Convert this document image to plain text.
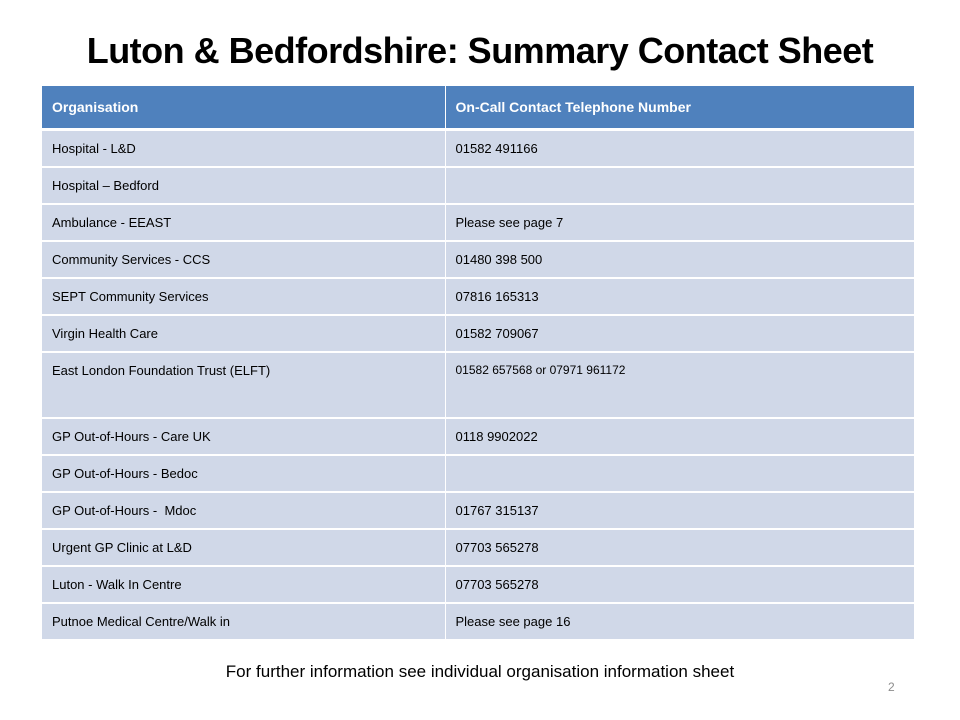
Luton & Bedfordshire: Summary Contact Sheet
Organisation	On-Call Contact Telephone Number
Hospital - L&D	01582 491166
Hospital – Bedford	
Ambulance - EEAST	Please see page 7
Community Services - CCS	01480 398 500
SEPT Community Services	07816 165313
Virgin Health Care	01582 709067
East London Foundation Trust (ELFT)	01582 657568 or 07971 961172
GP Out-of-Hours - Care UK	0118 9902022
GP Out-of-Hours - Bedoc	
GP Out-of-Hours -  Mdoc	01767 315137
Urgent GP Clinic at L&D	07703 565278
Luton - Walk In Centre	07703 565278
Putnoe Medical Centre/Walk in	Please see page 16
For further information see individual organisation information sheet
2
